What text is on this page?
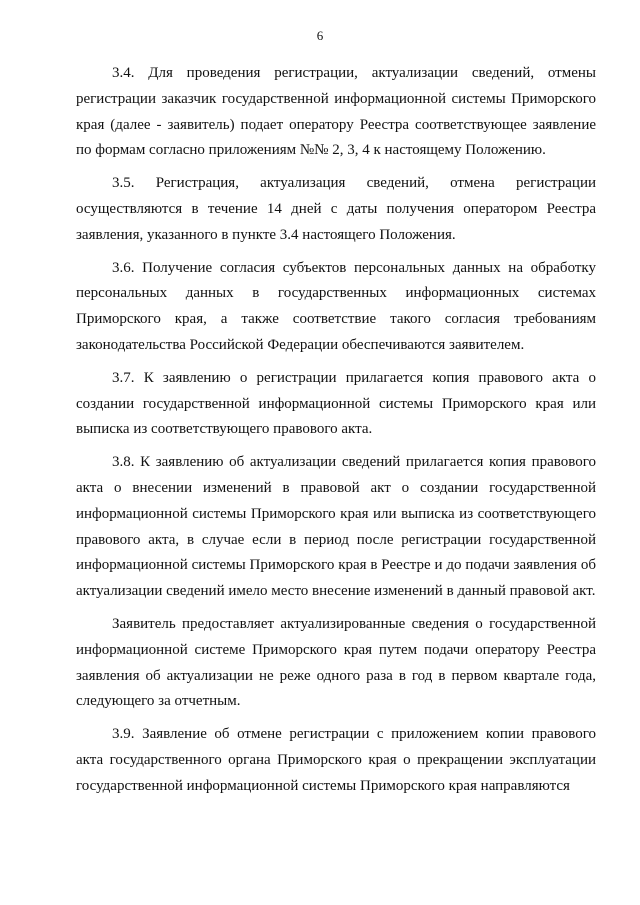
6

3.4. Для проведения регистрации, актуализации сведений, отмены регистрации заказчик государственной информационной системы Приморского края (далее - заявитель) подает оператору Реестра соответствующее заявление по формам согласно приложениям №№ 2, 3, 4 к настоящему Положению.

3.5. Регистрация, актуализация сведений, отмена регистрации осуществляются в течение 14 дней с даты получения оператором Реестра заявления, указанного в пункте 3.4 настоящего Положения.

3.6. Получение согласия субъектов персональных данных на обработку персональных данных в государственных информационных системах Приморского края, а также соответствие такого согласия требованиям законодательства Российской Федерации обеспечиваются заявителем.

3.7. К заявлению о регистрации прилагается копия правового акта о создании государственной информационной системы Приморского края или выписка из соответствующего правового акта.

3.8. К заявлению об актуализации сведений прилагается копия правового акта о внесении изменений в правовой акт о создании государственной информационной системы Приморского края или выписка из соответствующего правового акта, в случае если в период после регистрации государственной информационной системы Приморского края в Реестре и до подачи заявления об актуализации сведений имело место внесение изменений в данный правовой акт.

Заявитель предоставляет актуализированные сведения о государственной информационной системе Приморского края путем подачи оператору Реестра заявления об актуализации не реже одного раза в год в первом квартале года, следующего за отчетным.

3.9. Заявление об отмене регистрации с приложением копии правового акта государственного органа Приморского края о прекращении эксплуатации государственной информационной системы Приморского края направляются
